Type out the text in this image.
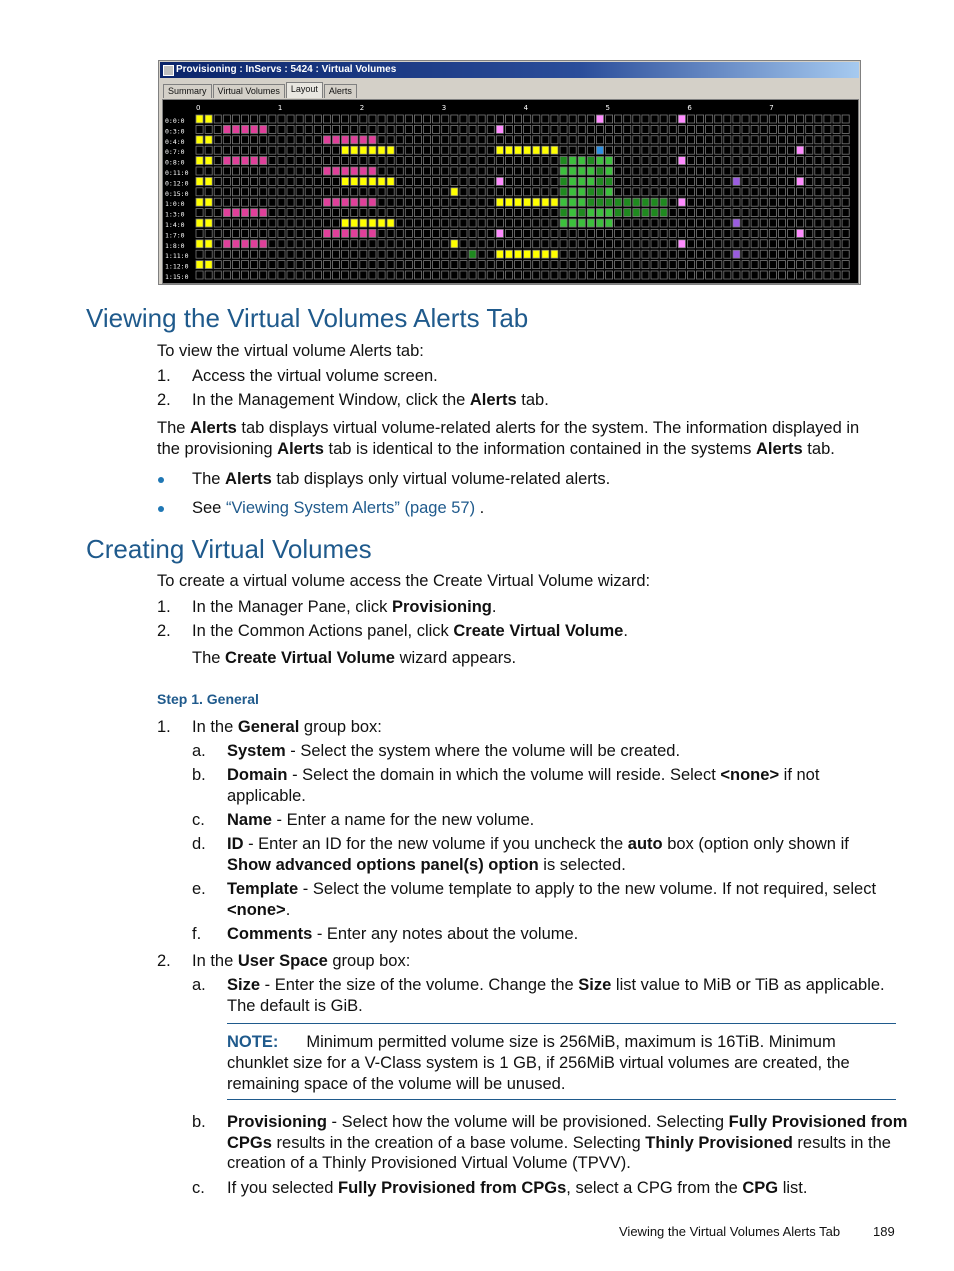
Provisioning : InServs : 5424 : Virtual Volumes
Summary	Virtual Volumes	Layout	Alerts
0:0:0
0:3:0
0:4:0
0:7:0
0:8:0
0:11:0
0:12:0
0:15:0
1:0:0
1:3:0
1:4:0
1:7:0
1:8:0
1:11:0
1:12:0
1:15:0
0	1	2	3	4	5	6	7
Viewing the Virtual Volumes Alerts Tab
To view the virtual volume Alerts tab:
1. Access the virtual volume screen.
2. In the Management Window, click the Alerts tab.
The Alerts tab displays virtual volume-related alerts for the system. The information displayed in
the provisioning Alerts tab is identical to the information contained in the systems Alerts tab.
The Alerts tab displays only virtual volume-related alerts.
See “Viewing System Alerts” (page 57) .
Creating Virtual Volumes
To create a virtual volume access the Create Virtual Volume wizard:
1. In the Manager Pane, click Provisioning.
2. In the Common Actions panel, click Create Virtual Volume.
The Create Virtual Volume wizard appears.
Step 1. General
1. In the General group box:
a. System - Select the system where the volume will be created.
b. Domain - Select the domain in which the volume will reside. Select <none> if not
applicable.
c. Name - Enter a name for the new volume.
d. ID - Enter an ID for the new volume if you uncheck the auto box (option only shown if
Show advanced options panel(s) option is selected.
e. Template - Select the volume template to apply to the new volume. If not required, select
<none>.
f. Comments - Enter any notes about the volume.
2. In the User Space group box:
a. Size - Enter the size of the volume. Change the Size list value to MiB or TiB as applicable.
The default is GiB.
NOTE: Minimum permitted volume size is 256MiB, maximum is 16TiB. Minimum
chunklet size for a V-Class system is 1 GB, if 256MiB virtual volumes are created, the
remaining space of the volume will be unused.
b. Provisioning - Select how the volume will be provisioned. Selecting Fully Provisioned from
CPGs results in the creation of a base volume. Selecting Thinly Provisioned results in the
creation of a Thinly Provisioned Virtual Volume (TPVV).
c. If you selected Fully Provisioned from CPGs, select a CPG from the CPG list.
Viewing the Virtual Volumes Alerts Tab	189
